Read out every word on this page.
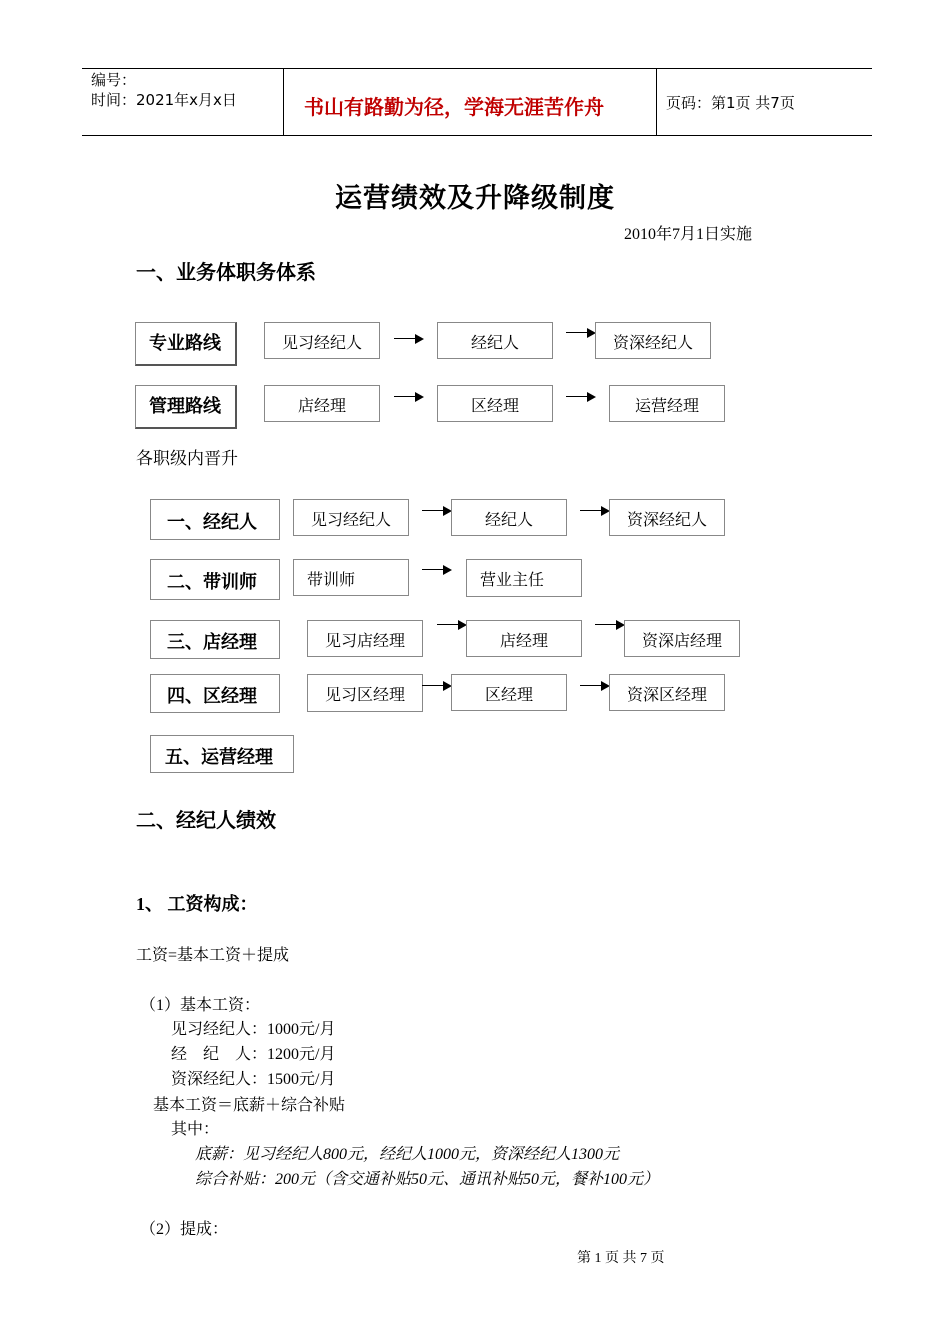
编号：
时间：2021年x月x日	书山有路勤为径，学海无涯苦作舟	页码：第1页 共7页
运营绩效及升降级制度
2010年7月1日实施
一、业务体职务体系
专业路线	见习经纪人	经纪人	资深经纪人
管理路线	店经理	区经理	运营经理
各职级内晋升
一、经纪人	见习经纪人	经纪人	资深经纪人
二、带训师	带训师	营业主任
三、店经理	见习店经理	店经理	资深店经理
四、区经理	见习区经理	区经理	资深区经理
五、运营经理
二、经纪人绩效
1、 工资构成：
工资=基本工资＋提成
（1）基本工资：
见习经纪人：1000元/月
经　纪　人：1200元/月
资深经纪人：1500元/月
基本工资＝底薪＋综合补贴
其中：
底薪：见习经纪人800元，经纪人1000元，资深经纪人1300元
综合补贴：200元（含交通补贴50元、通讯补贴50元，餐补100元）
（2）提成：
第 1 页 共 7 页
